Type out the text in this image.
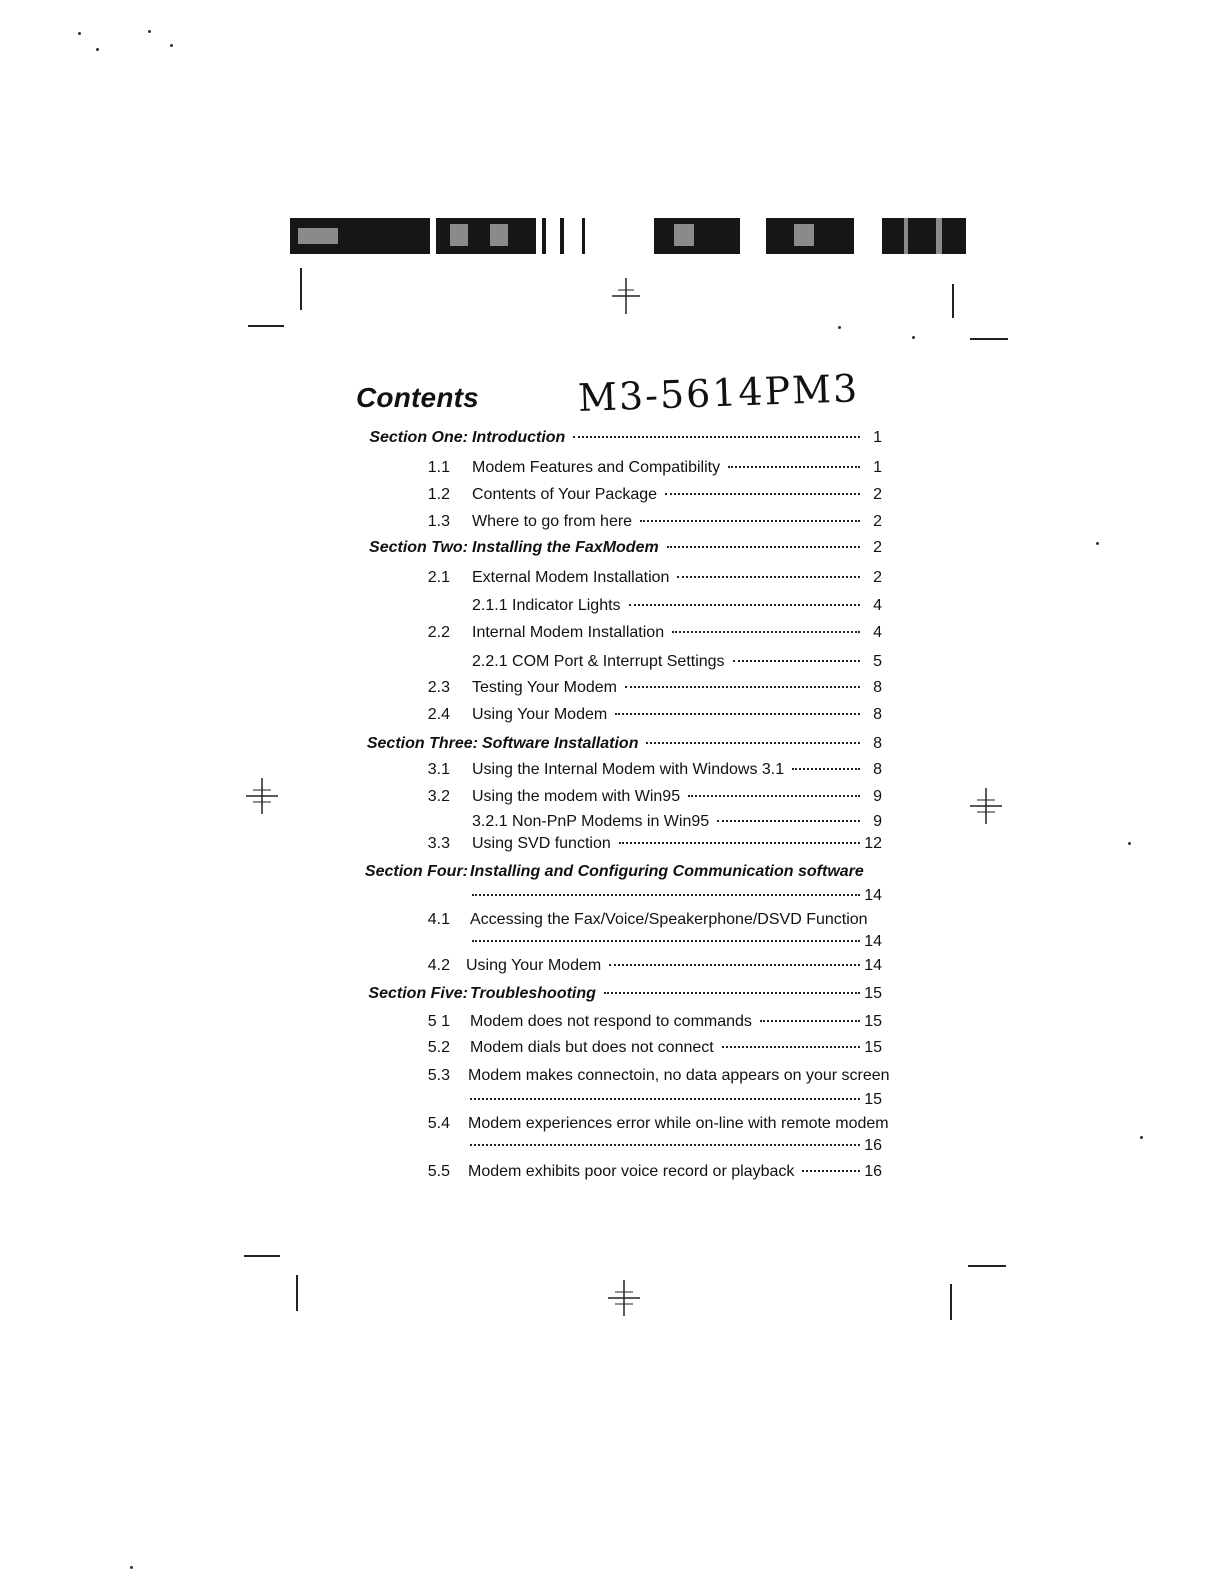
Contents	M3-5614PM3
Section One: Introduction	1
1.1 Modem Features and Compatibility	1
1.2 Contents of Your Package	2
1.3 Where to go from here	2
Section Two: Installing the FaxModem	2
2.1 External Modem Installation	2
2.1.1 Indicator Lights	4
2.2 Internal Modem Installation	4
2.2.1 COM Port & Interrupt Settings	5
2.3 Testing Your Modem	8
2.4 Using Your Modem	8
Section Three: Software Installation	8
3.1 Using the Internal Modem with Windows 3.1	8
3.2 Using the modem with Win95	9
3.2.1 Non-PnP Modems in Win95	9
3.3 Using SVD function	12
Section Four: Installing and Configuring Communication software
14
4.1 Accessing the Fax/Voice/Speakerphone/DSVD Function
14
4.2 Using Your Modem	14
Section Five: Troubleshooting	15
5 1 Modem does not respond to commands	15
5.2 Modem dials but does not connect	15
5.3 Modem makes connectoin, no data appears on your screen
15
5.4 Modem experiences error while on-line with remote modem
16
5.5 Modem exhibits poor voice record or playback	16
